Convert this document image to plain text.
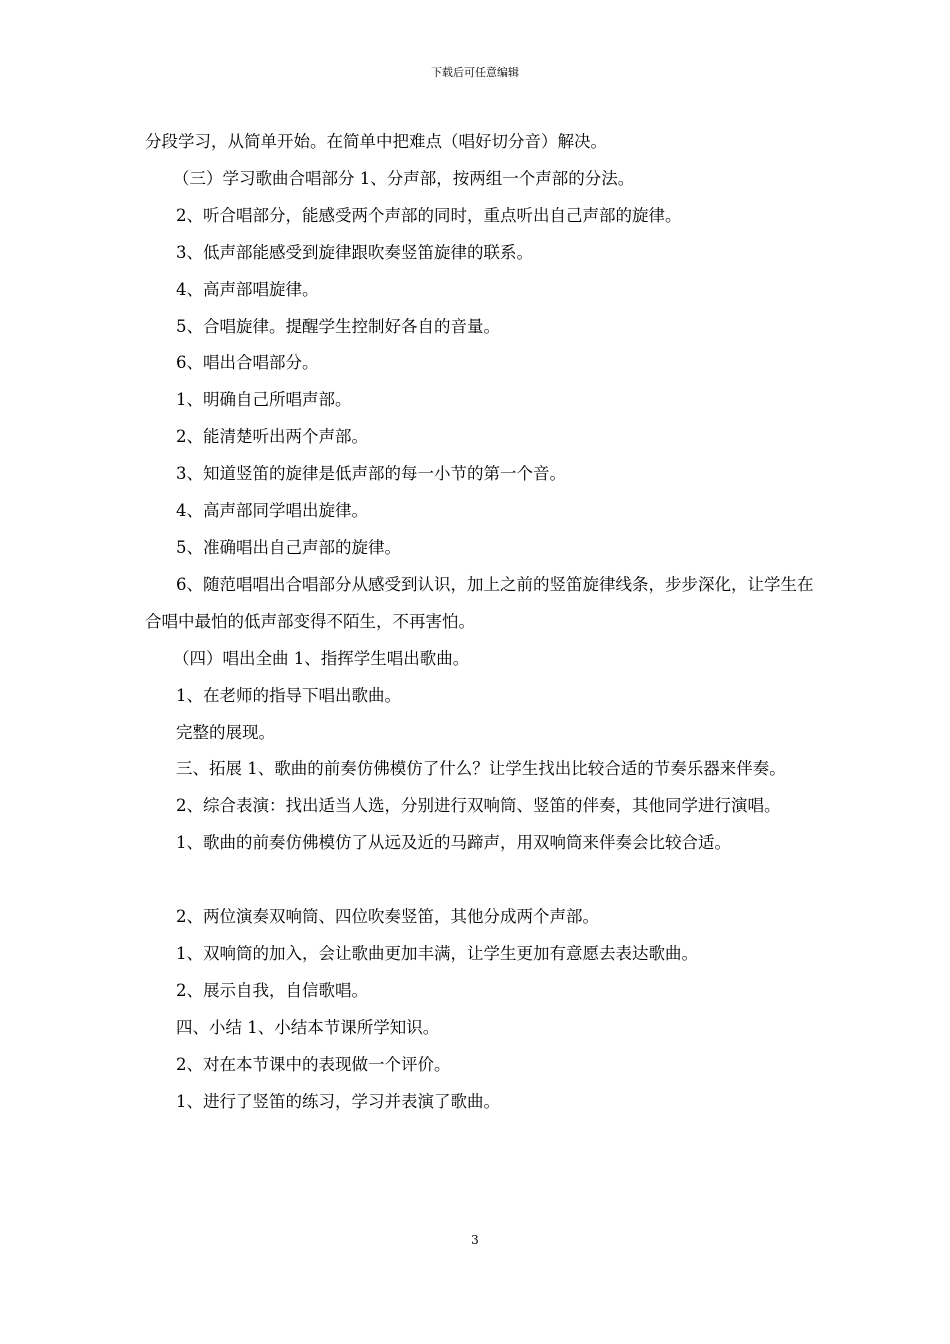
下载后可任意编辑

分段学习，从简单开始。在简单中把难点（唱好切分音）解决。

（三）学习歌曲合唱部分 1、分声部，按两组一个声部的分法。

2、听合唱部分，能感受两个声部的同时，重点听出自己声部的旋律。

3、低声部能感受到旋律跟吹奏竖笛旋律的联系。

4、高声部唱旋律。

5、合唱旋律。提醒学生控制好各自的音量。

6、唱出合唱部分。

1、明确自己所唱声部。

2、能清楚听出两个声部。

3、知道竖笛的旋律是低声部的每一小节的第一个音。

4、高声部同学唱出旋律。

5、准确唱出自己声部的旋律。

6、随范唱唱出合唱部分从感受到认识，加上之前的竖笛旋律线条，步步深化，让学生在合唱中最怕的低声部变得不陌生，不再害怕。

（四）唱出全曲 1、指挥学生唱出歌曲。

1、在老师的指导下唱出歌曲。

完整的展现。

三、拓展 1、歌曲的前奏仿佛模仿了什么？让学生找出比较合适的节奏乐器来伴奏。

2、综合表演：找出适当人选，分别进行双响筒、竖笛的伴奏，其他同学进行演唱。

1、歌曲的前奏仿佛模仿了从远及近的马蹄声，用双响筒来伴奏会比较合适。

2、两位演奏双响筒、四位吹奏竖笛，其他分成两个声部。

1、双响筒的加入，会让歌曲更加丰满，让学生更加有意愿去表达歌曲。

2、展示自我，自信歌唱。

四、小结 1、小结本节课所学知识。

2、对在本节课中的表现做一个评价。

1、进行了竖笛的练习，学习并表演了歌曲。

3
